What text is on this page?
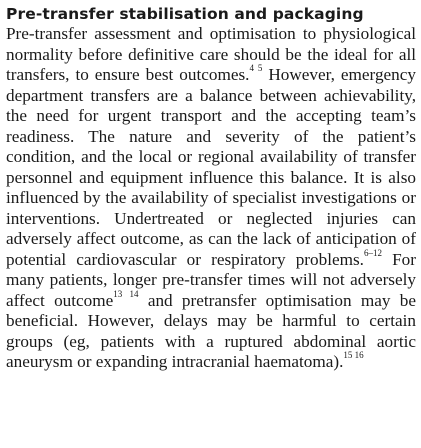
Pre-transfer stabilisation and packaging

Pre-transfer assessment and optimisation to physiological normality before definitive care should be the ideal for all transfers, to ensure best outcomes.$^{4 5}$ However, emergency department transfers are a balance between achievability, the need for urgent transport and the accepting team’s readiness. The nature and severity of the patient’s condition, and the local or regional availability of transfer personnel and equipment influence this balance. It is also influenced by the availability of specialist investigations or interventions. Undertreated or neglected injuries can adversely affect outcome, as can the lack of anticipation of potential cardiovascular or respiratory problems.$^{6-12}$ For many patients, longer pre-transfer times will not adversely affect outcome$^{13 14}$ and pretransfer optimisation may be beneficial. However, delays may be harmful to certain groups (eg, patients with a ruptured abdominal aortic aneurysm or expanding intracranial haematoma).$^{15 16}$
